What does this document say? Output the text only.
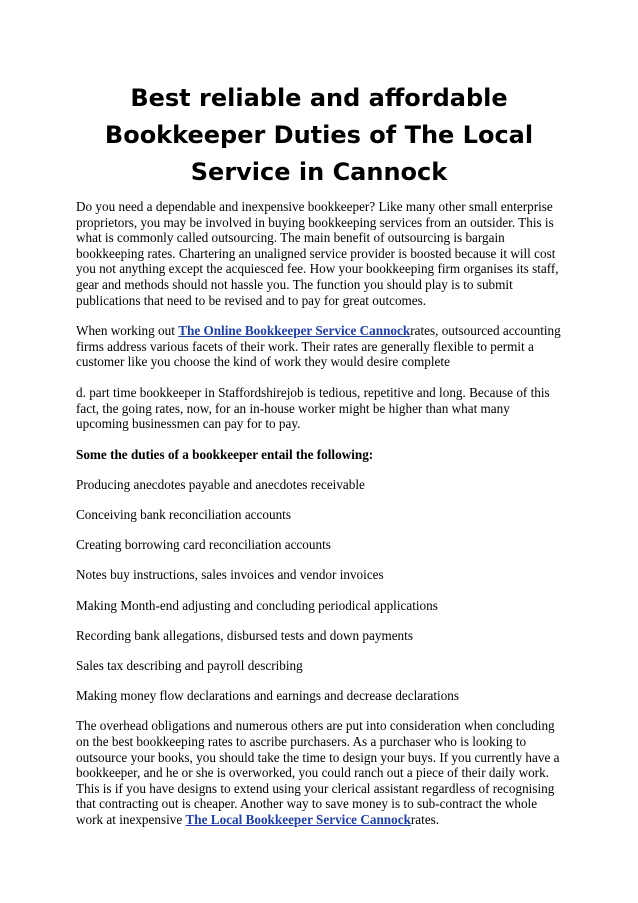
Best reliable and affordable
Bookkeeper Duties of The Local
Service in Cannock

Do you need a dependable and inexpensive bookkeeper? Like many other small enterprise proprietors, you may be involved in buying bookkeeping services from an outsider. This is what is commonly called outsourcing. The main benefit of outsourcing is bargain bookkeeping rates. Chartering an unaligned service provider is boosted because it will cost you not anything except the acquiesced fee. How your bookkeeping firm organises its staff, gear and methods should not hassle you. The function you should play is to submit publications that need to be revised and to pay for great outcomes.

When working out The Online Bookkeeper Service Cannockrates, outsourced accounting firms address various facets of their work. Their rates are generally flexible to permit a customer like you choose the kind of work they would desire complete

d. part time bookkeeper in Staffordshirejob is tedious, repetitive and long. Because of this fact, the going rates, now, for an in-house worker might be higher than what many upcoming businessmen can pay for to pay.

Some the duties of a bookkeeper entail the following:

Producing anecdotes payable and anecdotes receivable

Conceiving bank reconciliation accounts

Creating borrowing card reconciliation accounts

Notes buy instructions, sales invoices and vendor invoices

Making Month-end adjusting and concluding periodical applications

Recording bank allegations, disbursed tests and down payments

Sales tax describing and payroll describing

Making money flow declarations and earnings and decrease declarations

The overhead obligations and numerous others are put into consideration when concluding on the best bookkeeping rates to ascribe purchasers. As a purchaser who is looking to outsource your books, you should take the time to design your buys. If you currently have a bookkeeper, and he or she is overworked, you could ranch out a piece of their daily work. This is if you have designs to extend using your clerical assistant regardless of recognising that contracting out is cheaper. Another way to save money is to sub-contract the whole work at inexpensive The Local Bookkeeper Service Cannockrates.
